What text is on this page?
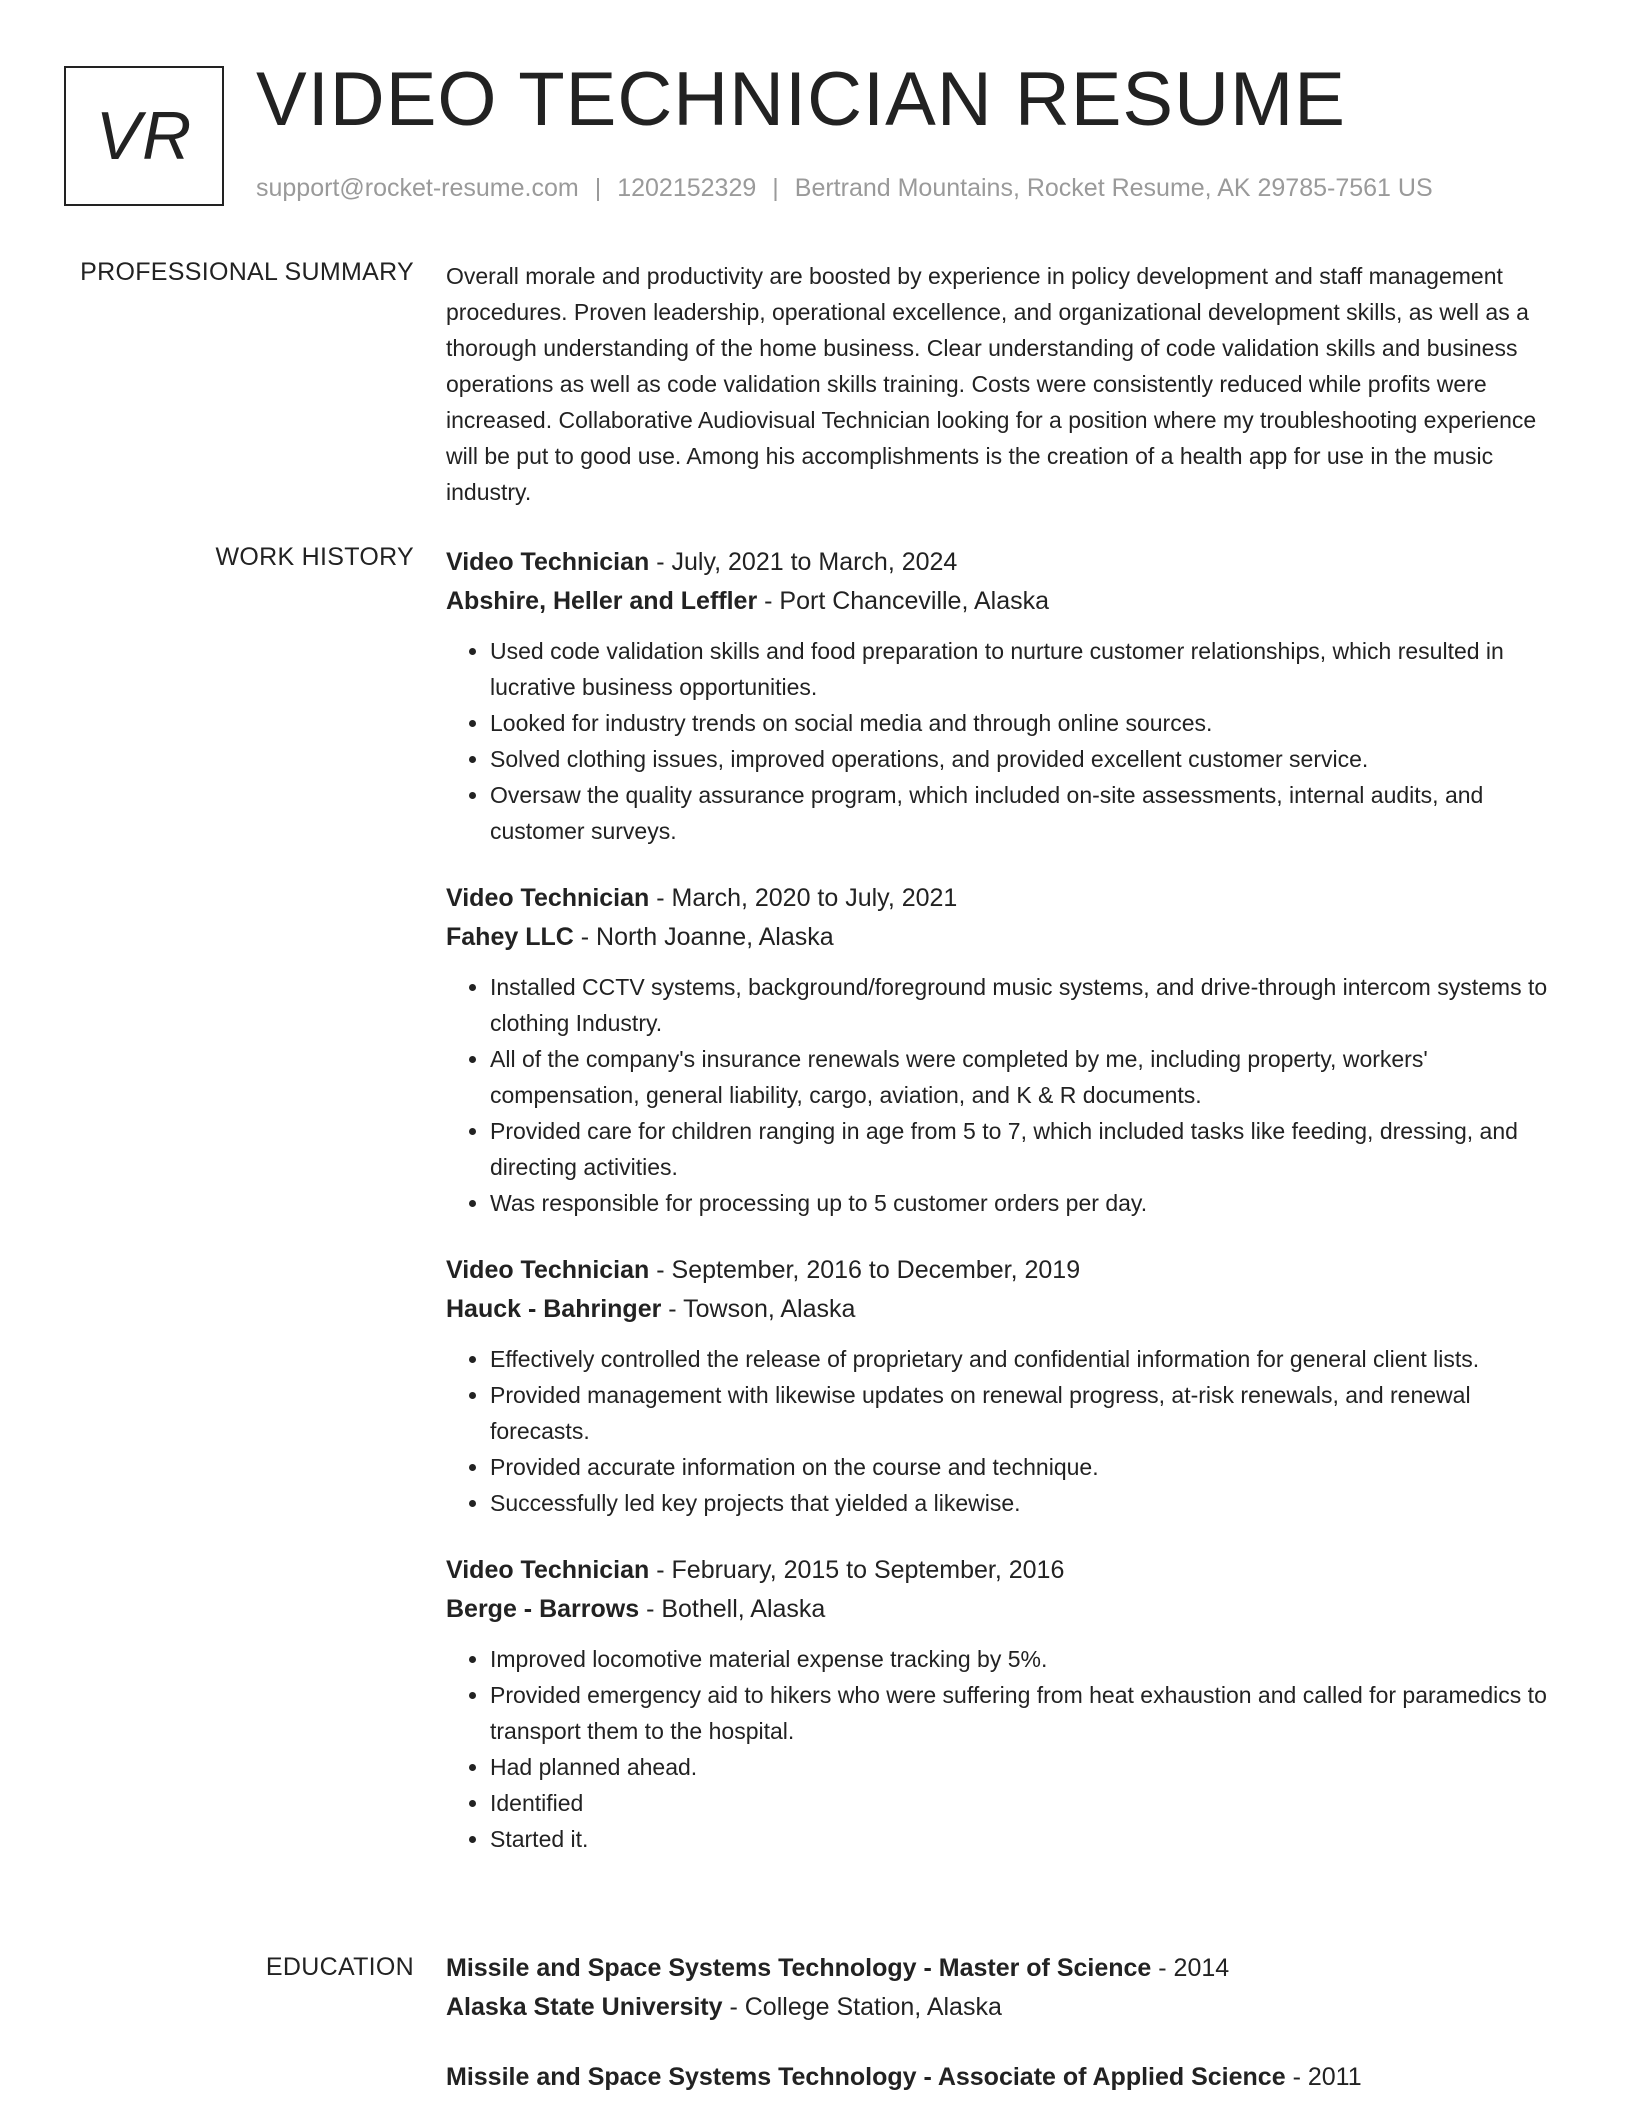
VR VIDEO TECHNICIAN RESUME
support@rocket-resume.com | 1202152329 | Bertrand Mountains, Rocket Resume, AK 29785-7561 US
PROFESSIONAL SUMMARY Overall morale and productivity are boosted by experience in policy development and staff management procedures. Proven leadership, operational excellence, and organizational development skills, as well as a thorough understanding of the home business. Clear understanding of code validation skills and business operations as well as code validation skills training. Costs were consistently reduced while profits were increased. Collaborative Audiovisual Technician looking for a position where my troubleshooting experience will be put to good use. Among his accomplishments is the creation of a health app for use in the music industry.
WORK HISTORY Video Technician - July, 2021 to March, 2024
Abshire, Heller and Leffler - Port Chanceville, Alaska
• Used code validation skills and food preparation to nurture customer relationships, which resulted in lucrative business opportunities.
• Looked for industry trends on social media and through online sources.
• Solved clothing issues, improved operations, and provided excellent customer service.
• Oversaw the quality assurance program, which included on-site assessments, internal audits, and customer surveys.
Video Technician - March, 2020 to July, 2021
Fahey LLC - North Joanne, Alaska
• Installed CCTV systems, background/foreground music systems, and drive-through intercom systems to clothing Industry.
• All of the company's insurance renewals were completed by me, including property, workers' compensation, general liability, cargo, aviation, and K & R documents.
• Provided care for children ranging in age from 5 to 7, which included tasks like feeding, dressing, and directing activities.
• Was responsible for processing up to 5 customer orders per day.
Video Technician - September, 2016 to December, 2019
Hauck - Bahringer - Towson, Alaska
• Effectively controlled the release of proprietary and confidential information for general client lists.
• Provided management with likewise updates on renewal progress, at-risk renewals, and renewal forecasts.
• Provided accurate information on the course and technique.
• Successfully led key projects that yielded a likewise.
Video Technician - February, 2015 to September, 2016
Berge - Barrows - Bothell, Alaska
• Improved locomotive material expense tracking by 5%.
• Provided emergency aid to hikers who were suffering from heat exhaustion and called for paramedics to transport them to the hospital.
• Had planned ahead.
• Identified
• Started it.
EDUCATION Missile and Space Systems Technology - Master of Science - 2014
Alaska State University - College Station, Alaska
Missile and Space Systems Technology - Associate of Applied Science - 2011
